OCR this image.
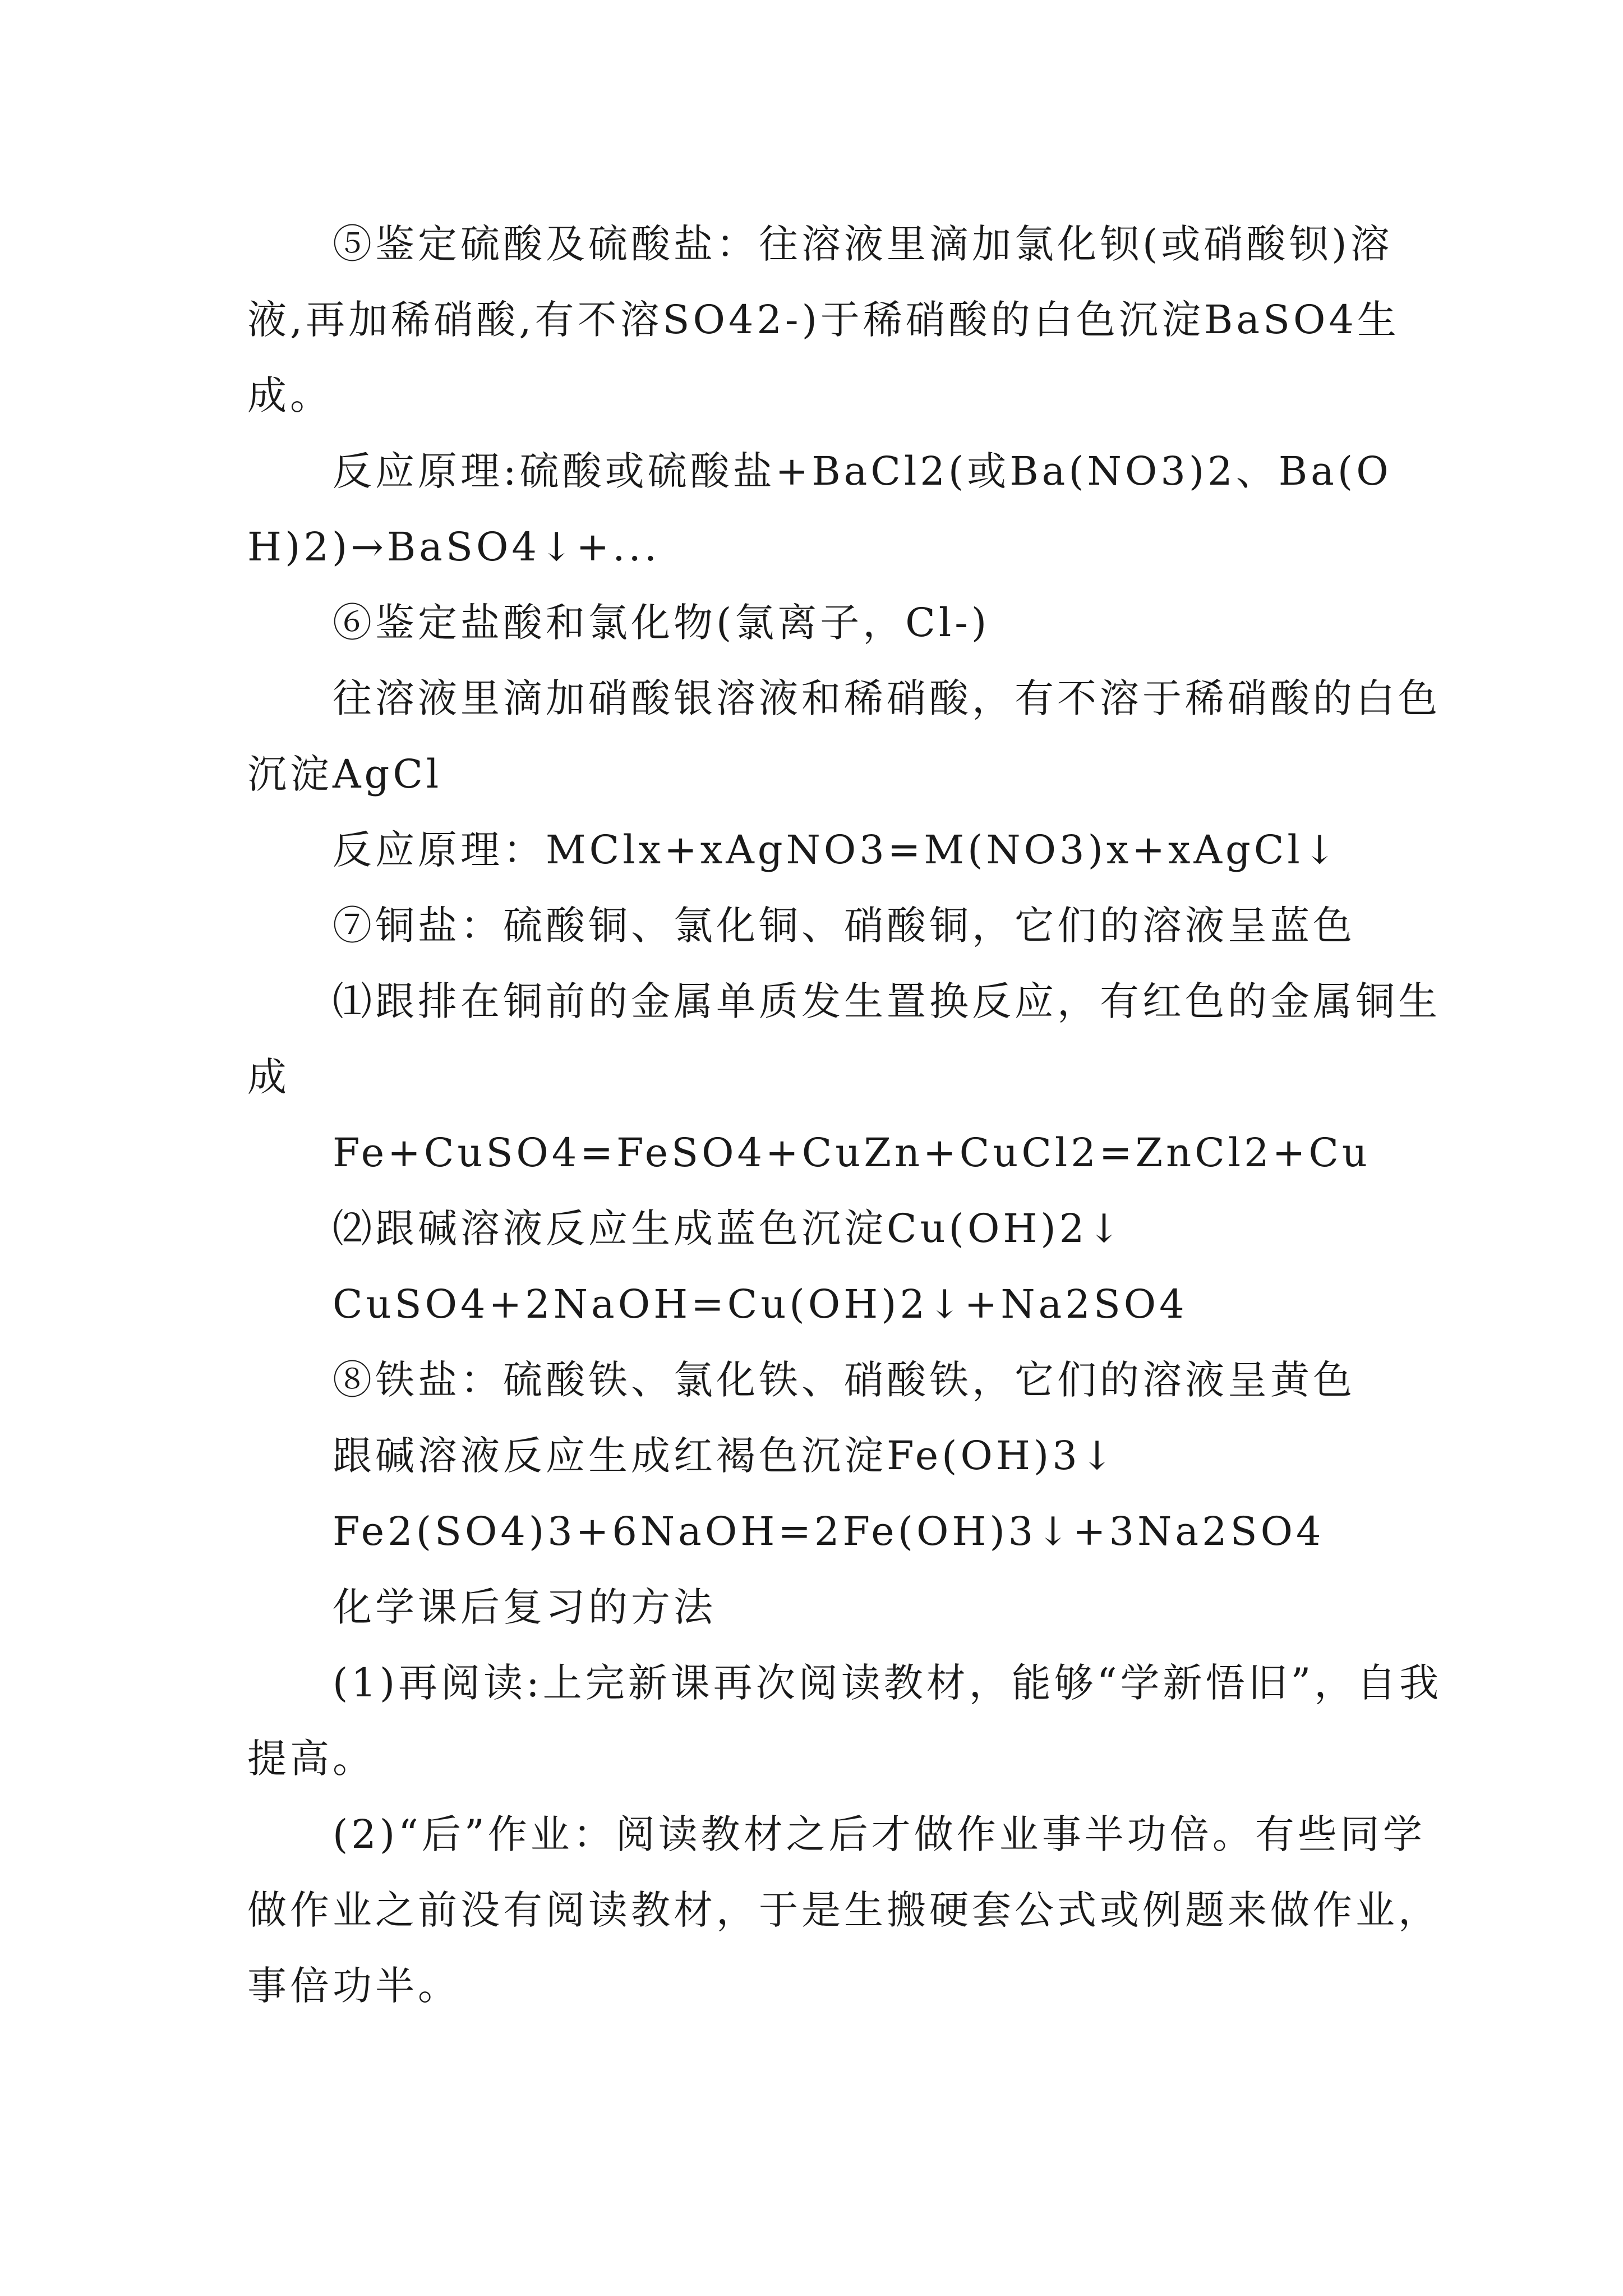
⑤鉴定硫酸及硫酸盐：往溶液里滴加氯化钡(或硝酸钡)溶液,再加稀硝酸,有不溶SO42-)于稀硝酸的白色沉淀BaSO4生成。

反应原理:硫酸或硫酸盐+BaCl2(或Ba(NO3)2、Ba(OH)2)→BaSO4↓+...

⑥鉴定盐酸和氯化物(氯离子，Cl-)

往溶液里滴加硝酸银溶液和稀硝酸，有不溶于稀硝酸的白色沉淀AgCl

反应原理：MClx+xAgNO3=M(NO3)x+xAgCl↓

⑦铜盐：硫酸铜、氯化铜、硝酸铜，它们的溶液呈蓝色

⑴跟排在铜前的金属单质发生置换反应，有红色的金属铜生成

Fe+CuSO4=FeSO4+CuZn+CuCl2=ZnCl2+Cu

⑵跟碱溶液反应生成蓝色沉淀Cu(OH)2↓

CuSO4+2NaOH=Cu(OH)2↓+Na2SO4

⑧铁盐：硫酸铁、氯化铁、硝酸铁，它们的溶液呈黄色

跟碱溶液反应生成红褐色沉淀Fe(OH)3↓

Fe2(SO4)3+6NaOH=2Fe(OH)3↓+3Na2SO4

化学课后复习的方法

(1)再阅读:上完新课再次阅读教材，能够“学新悟旧”，自我提高。

(2)“后”作业：阅读教材之后才做作业事半功倍。有些同学做作业之前没有阅读教材，于是生搬硬套公式或例题来做作业，事倍功半。
